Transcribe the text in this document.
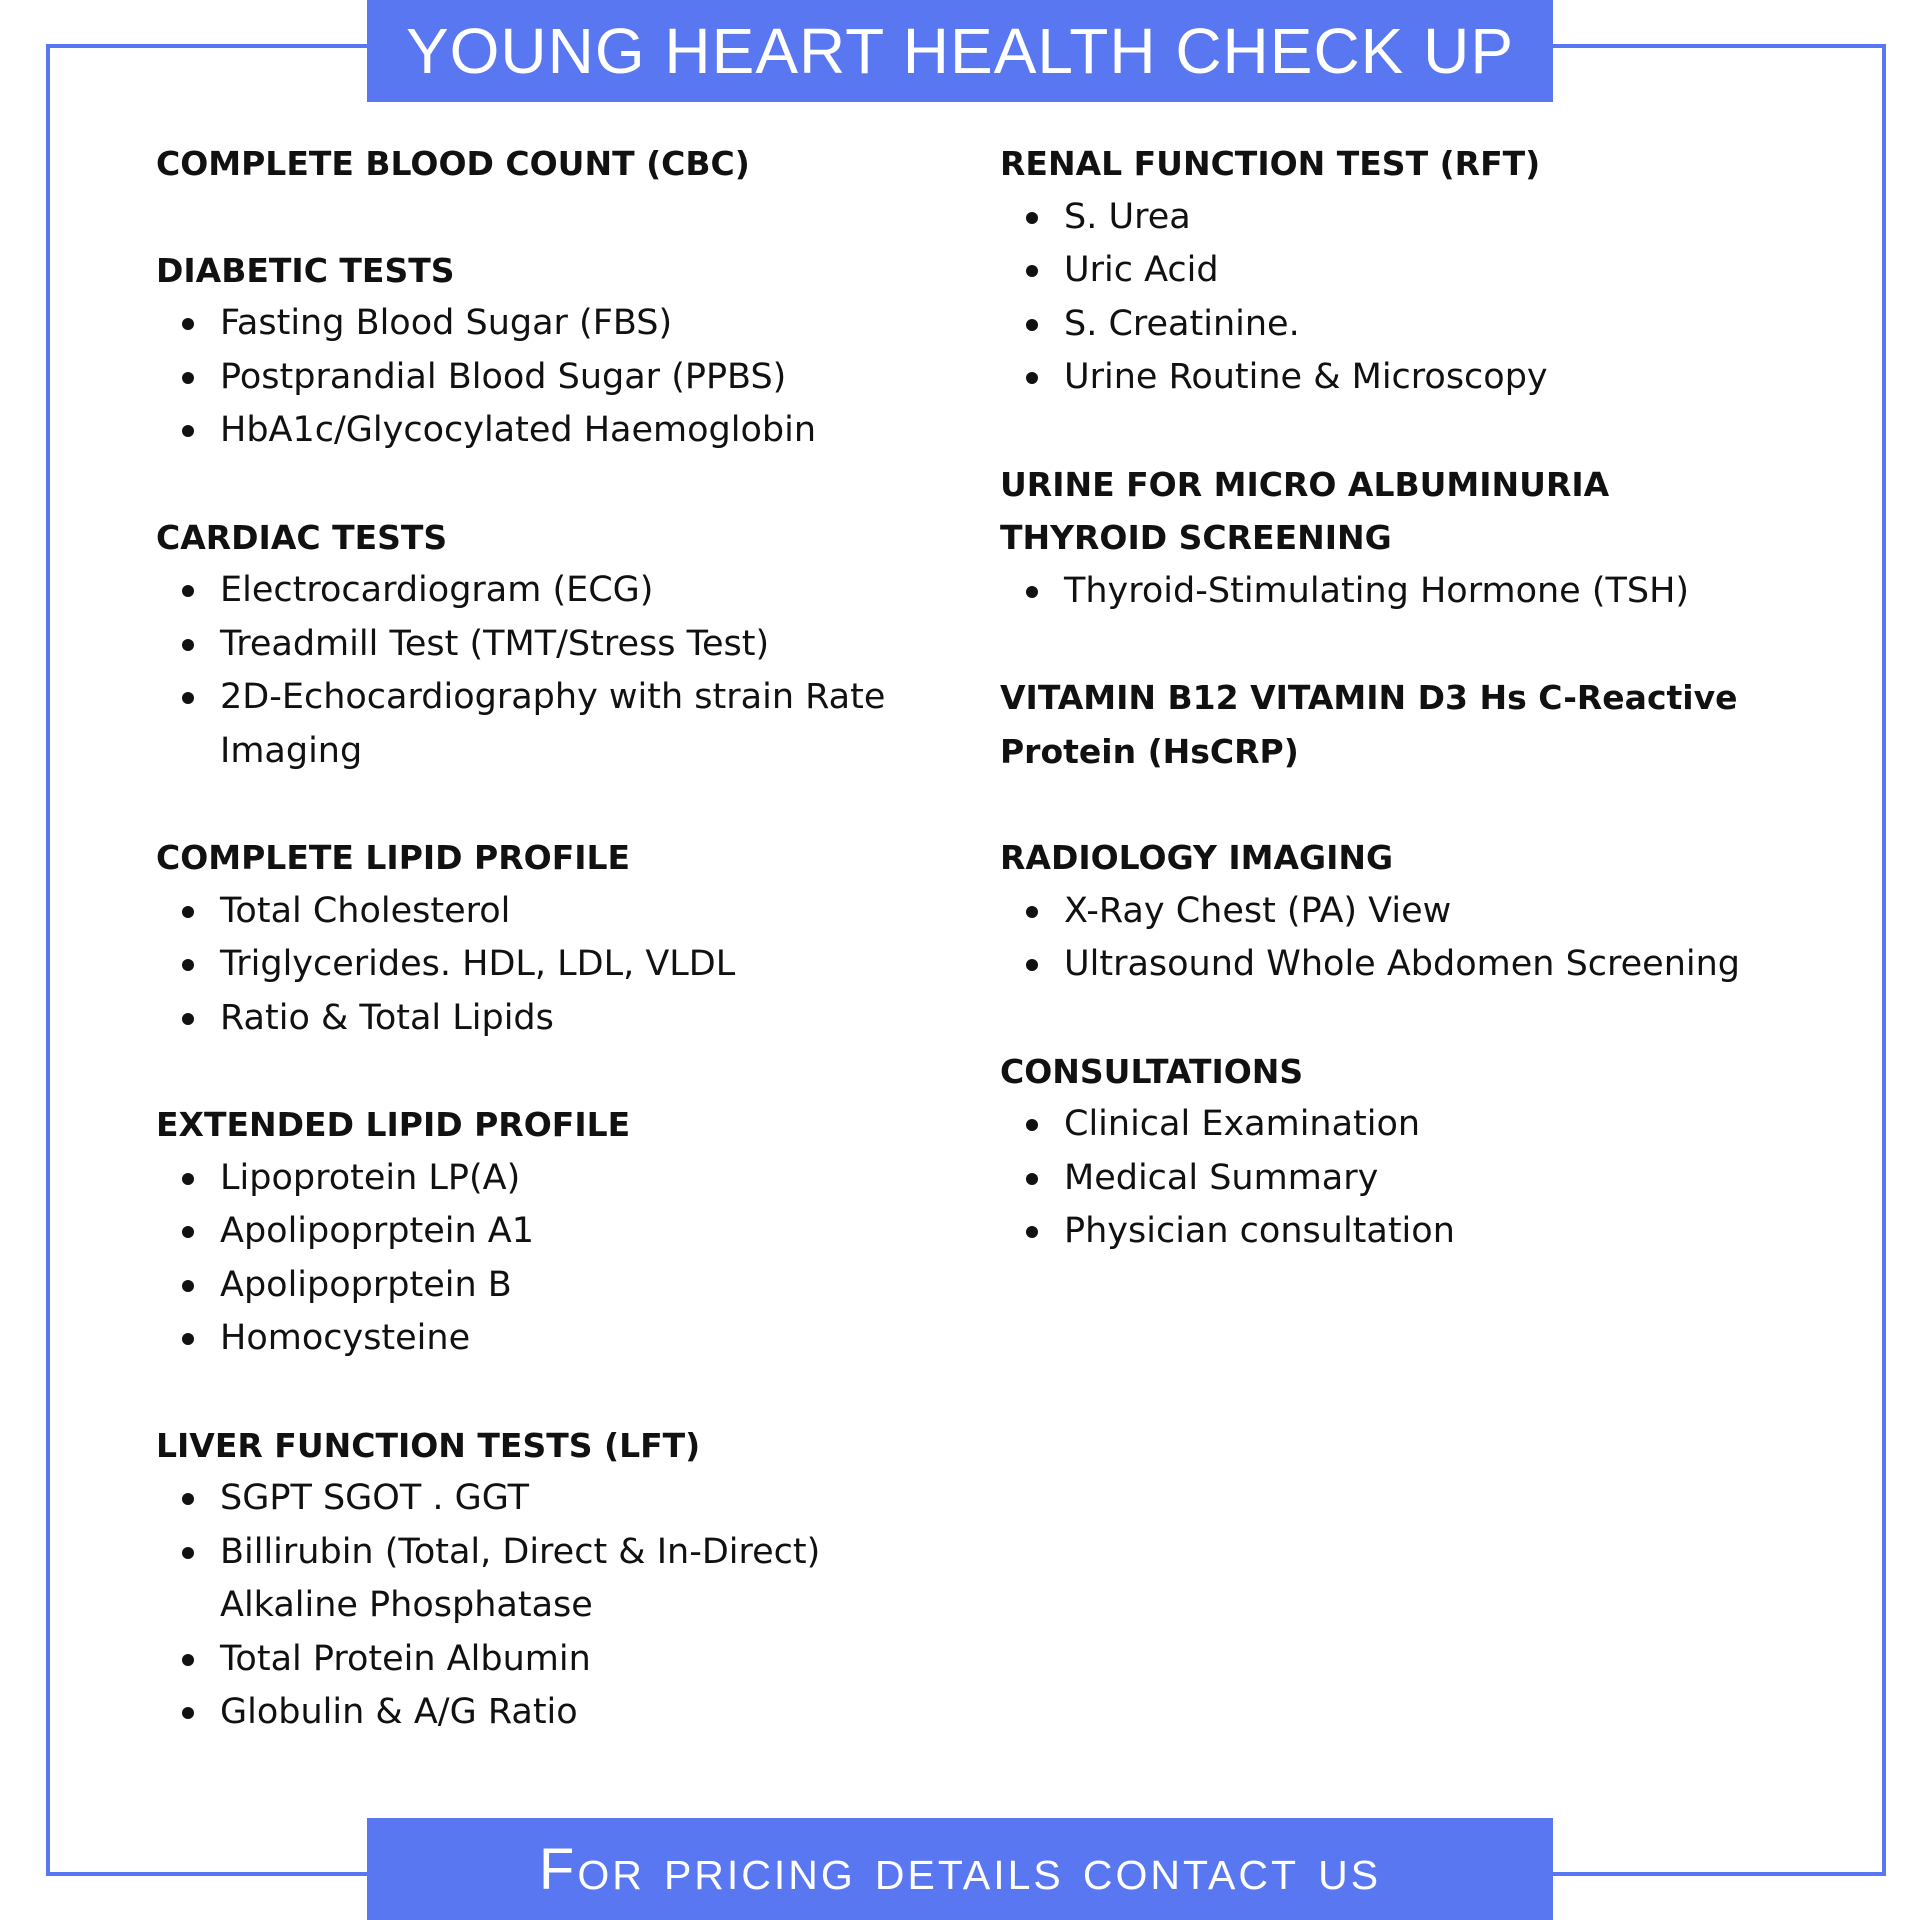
YOUNG HEART HEALTH CHECK UP

COMPLETE BLOOD COUNT (CBC)

DIABETIC TESTS

Fasting Blood Sugar (FBS)
Postprandial Blood Sugar (PPBS)
HbA1c/Glycocylated Haemoglobin

CARDIAC TESTS

Electrocardiogram (ECG)
Treadmill Test (TMT/Stress Test)
2D-Echocardiography with strain Rate
Imaging

COMPLETE LIPID PROFILE

Total Cholesterol
Triglycerides. HDL, LDL, VLDL
Ratio & Total Lipids

EXTENDED LIPID PROFILE

Lipoprotein LP(A)
Apolipoprptein A1
Apolipoprptein B
Homocysteine

LIVER FUNCTION TESTS (LFT)

SGPT SGOT . GGT
Billirubin (Total, Direct & In-Direct)
Alkaline Phosphatase
Total Protein Albumin
Globulin & A/G Ratio

RENAL FUNCTION TEST (RFT)

S. Urea
Uric Acid
S. Creatinine.
Urine Routine & Microscopy

URINE FOR MICRO ALBUMINURIA

THYROID SCREENING

Thyroid-Stimulating Hormone (TSH)

VITAMIN B12 VITAMIN D3 Hs C-Reactive

Protein (HsCRP)

RADIOLOGY IMAGING

X-Ray Chest (PA) View
Ultrasound Whole Abdomen Screening

CONSULTATIONS

Clinical Examination
Medical Summary
Physician consultation
For pricing details contact us
